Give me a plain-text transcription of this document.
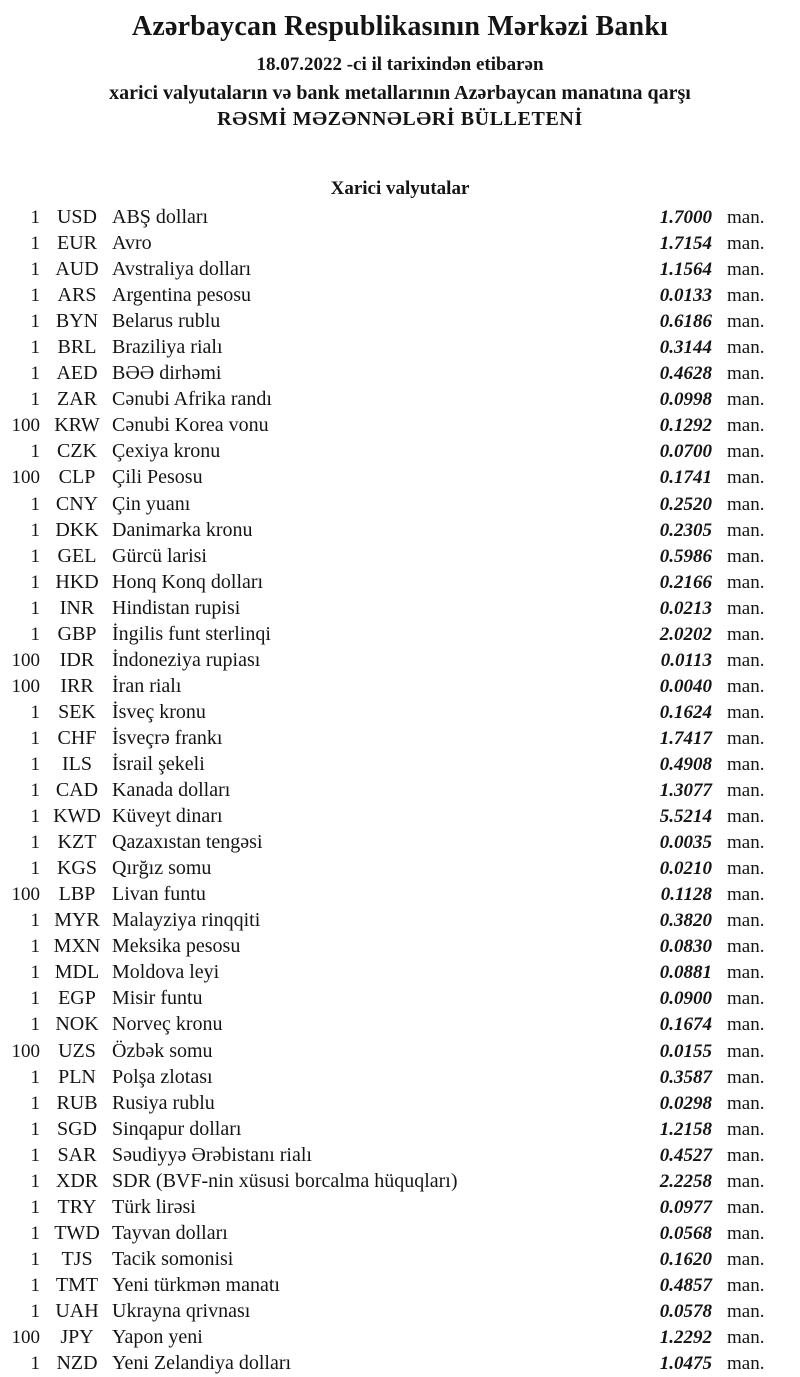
Azərbaycan Respublikasının Mərkəzi Bankı
18.07.2022 -ci il tarixindən etibarən
xarici valyutaların və bank metallarının Azərbaycan manatına qarşı
RƏSMİ MƏZƏNNƏLƏRİ BÜLLETENİ
Xarici valyutalar
1 USD ABŞ dolları	1.7000 man.
1 EUR Avro	1.7154 man.
1 AUD Avstraliya dolları	1.1564 man.
1 ARS Argentina pesosu	0.0133 man.
1 BYN Belarus rublu	0.6186 man.
1 BRL Braziliya rialı	0.3144 man.
1 AED BƏƏ dirhəmi	0.4628 man.
1 ZAR Cənubi Afrika randı	0.0998 man.
100 KRW Cənubi Korea vonu	0.1292 man.
1 CZK Çexiya kronu	0.0700 man.
100 CLP Çili Pesosu	0.1741 man.
1 CNY Çin yuanı	0.2520 man.
1 DKK Danimarka kronu	0.2305 man.
1 GEL Gürcü larisi	0.5986 man.
1 HKD Honq Konq dolları	0.2166 man.
1 INR Hindistan rupisi	0.0213 man.
1 GBP İngilis funt sterlinqi	2.0202 man.
100 IDR İndoneziya rupiası	0.0113 man.
100	IRR İran rialı	0.0040 man.
1 SEK İsveç kronu	0.1624 man.
1 CHF İsveçrə frankı	1.7417 man.
1	ILS	İsrail şekeli	0.4908 man.
1 CAD Kanada dolları	1.3077 man.
1 KWD Küveyt dinarı	5.5214 man.
1 KZT Qazaxıstan tengəsi	0.0035 man.
1 KGS Qırğız somu	0.0210 man.
100 LBP Livan funtu	0.1128 man.
1 MYR Malayziya rinqqiti	0.3820 man.
1 MXN Meksika pesosu	0.0830 man.
1 MDL Moldova leyi	0.0881 man.
1 EGP Misir funtu	0.0900 man.
1 NOK Norveç kronu	0.1674 man.
100 UZS Özbək somu	0.0155 man.
1 PLN Polşa zlotası	0.3587 man.
1 RUB Rusiya rublu	0.0298 man.
1 SGD Sinqapur dolları	1.2158 man.
1 SAR Səudiyyə Ərəbistanı rialı	0.4527 man.
1 XDR SDR (BVF-nin xüsusi borcalma hüquqları)	2.2258 man.
1 TRY Türk lirəsi	0.0977 man.
1 TWD Tayvan dolları	0.0568 man.
1	TJS Tacik somonisi	0.1620 man.
1 TMT Yeni türkmən manatı	0.4857 man.
1 UAH Ukrayna qrivnası	0.0578 man.
100	JPY Yapon yeni	1.2292 man.
1 NZD Yeni Zelandiya dolları	1.0475 man.
